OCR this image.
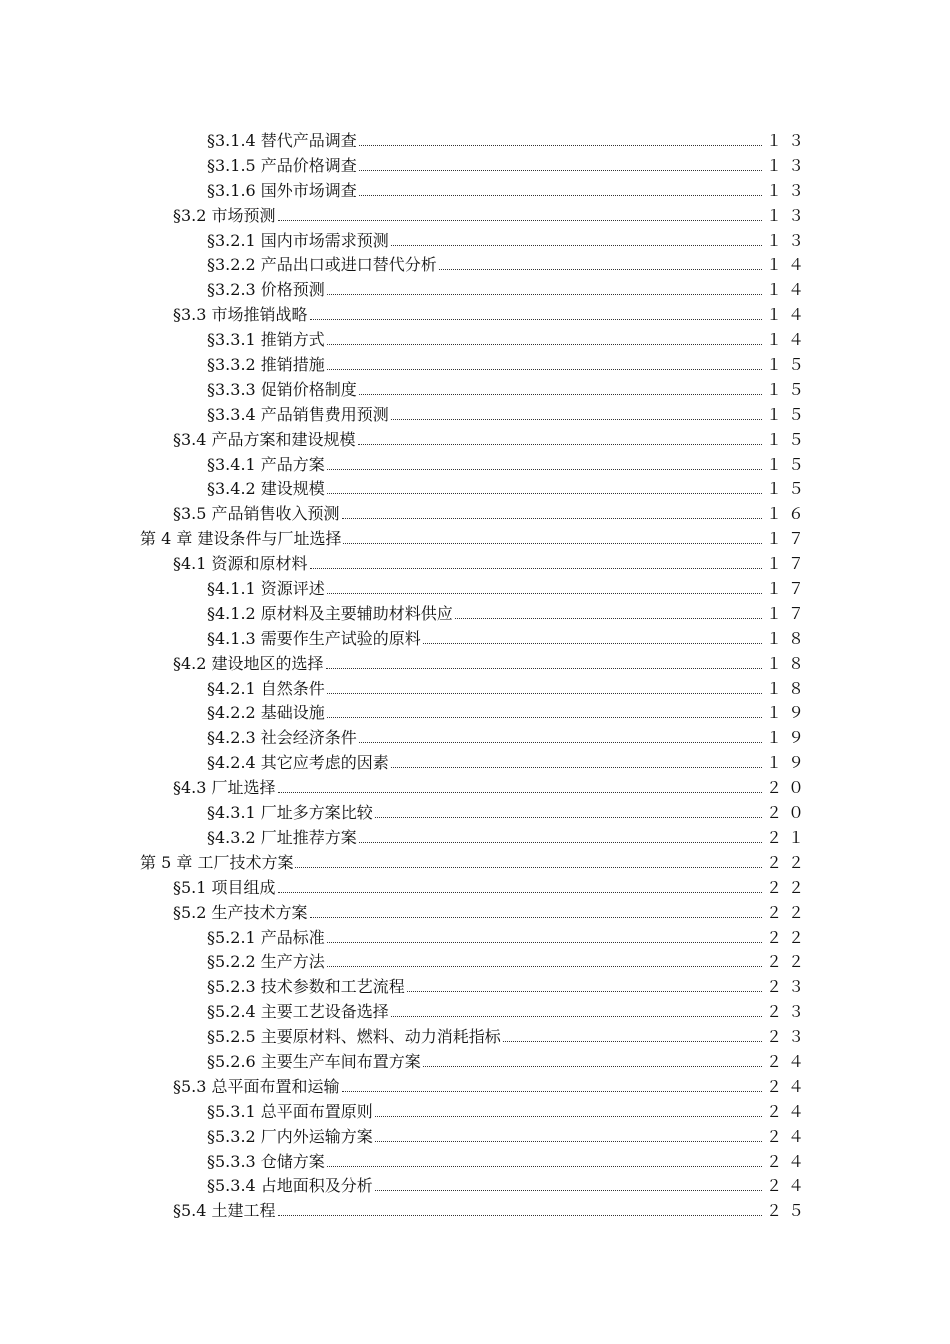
§3.1.4 替代产品调查	１３
§3.1.5 产品价格调查	１３
§3.1.6 国外市场调查	１３
§3.2 市场预测	１３
§3.2.1 国内市场需求预测	１３
§3.2.2 产品出口或进口替代分析	１４
§3.2.3 价格预测	１４
§3.3 市场推销战略	１４
§3.3.1 推销方式	１４
§3.3.2 推销措施	１５
§3.3.3 促销价格制度	１５
§3.3.4 产品销售费用预测	１５
§3.4 产品方案和建设规模	１５
§3.4.1 产品方案	１５
§3.4.2 建设规模	１５
§3.5 产品销售收入预测	１６
第 4 章 建设条件与厂址选择	１７
§4.1 资源和原材料	１７
§4.1.1 资源评述	１７
§4.1.2 原材料及主要辅助材料供应	１７
§4.1.3 需要作生产试验的原料	１８
§4.2 建设地区的选择	１８
§4.2.1 自然条件	１８
§4.2.2 基础设施	１９
§4.2.3 社会经济条件	１９
§4.2.4 其它应考虑的因素	１９
§4.3 厂址选择	２０
§4.3.1 厂址多方案比较	２０
§4.3.2 厂址推荐方案	２１
第 5 章 工厂技术方案	２２
§5.1 项目组成	２２
§5.2 生产技术方案	２２
§5.2.1 产品标准	２２
§5.2.2 生产方法	２２
§5.2.3 技术参数和工艺流程	２３
§5.2.4 主要工艺设备选择	２３
§5.2.5 主要原材料、燃料、动力消耗指标	２３
§5.2.6 主要生产车间布置方案	２４
§5.3 总平面布置和运输	２４
§5.3.1 总平面布置原则	２４
§5.3.2 厂内外运输方案	２４
§5.3.3 仓储方案	２４
§5.3.4 占地面积及分析	２４
§5.4 土建工程	２５
